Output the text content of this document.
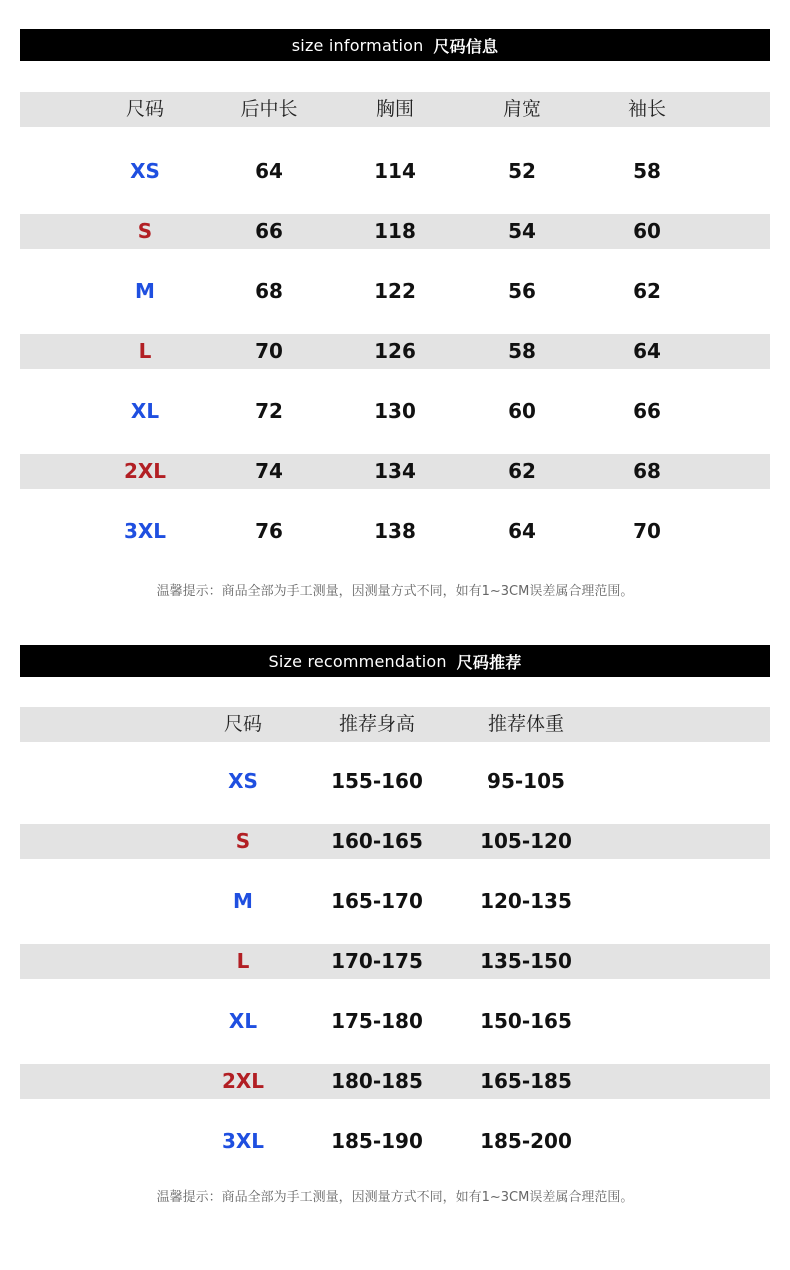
size information 尺码信息
尺码	后中长	胸围	肩宽	袖长
XS	64	114	52	58
S	66	118	54	60
M	68	122	56	62
L	70	126	58	64
XL	72	130	60	66
2XL	74	134	62	68
3XL	76	138	64	70
温馨提示：商品全部为手工测量，因测量方式不同，如有1~3CM误差属合理范围。
Size recommendation 尺码推荐
尺码	推荐身高	推荐体重
XS	155-160	95-105
S	160-165	105-120
M	165-170	120-135
L	170-175	135-150
XL	175-180	150-165
2XL	180-185	165-185
3XL	185-190	185-200
温馨提示：商品全部为手工测量，因测量方式不同，如有1~3CM误差属合理范围。
